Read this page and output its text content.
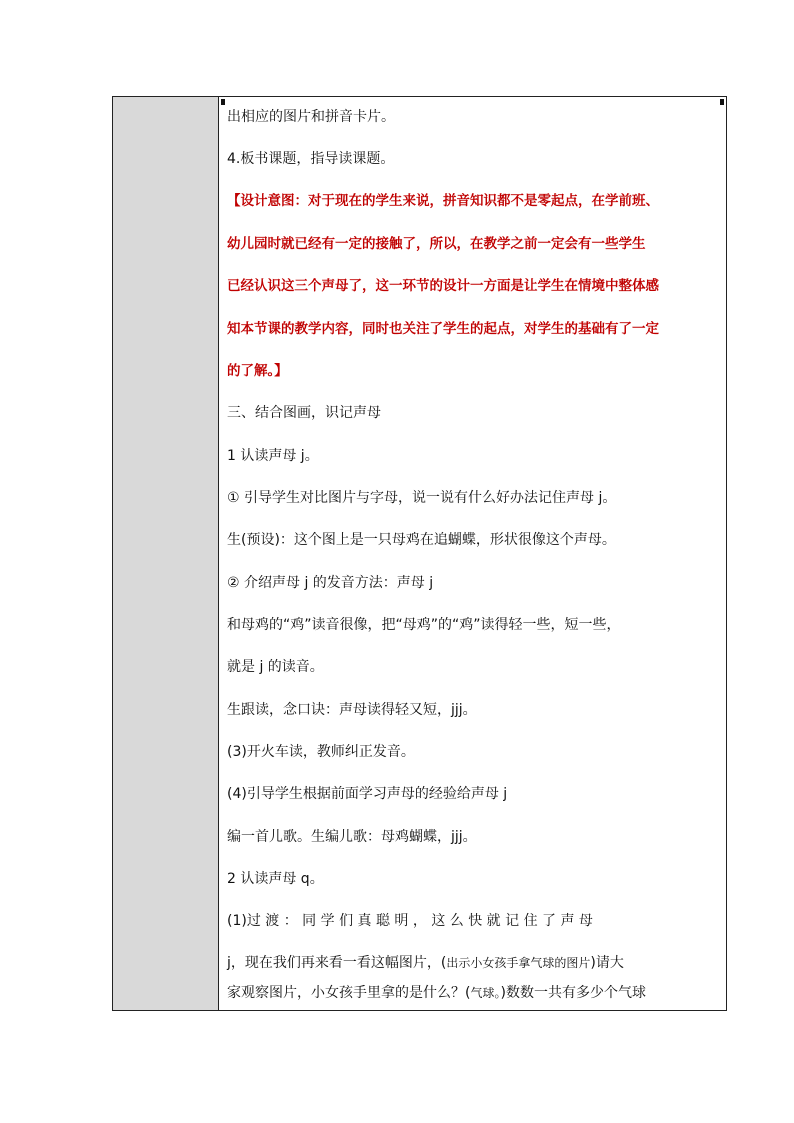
出相应的图片和拼音卡片。
4.板书课题，指导读课题。
【设计意图：对于现在的学生来说，拼音知识都不是零起点，在学前班、
幼儿园时就已经有一定的接触了，所以，在教学之前一定会有一些学生
已经认识这三个声母了，这一环节的设计一方面是让学生在情境中整体感
知本节课的教学内容，同时也关注了学生的起点，对学生的基础有了一定
的了解。】
三、结合图画，识记声母
1 认读声母 j。
① 引导学生对比图片与字母，说一说有什么好办法记住声母 j。
生(预设)：这个图上是一只母鸡在追蝴蝶，形状很像这个声母。
② 介绍声母 j 的发音方法：声母 j
和母鸡的“鸡”读音很像，把“母鸡”的“鸡”读得轻一些，短一些，
就是 j 的读音。
生跟读，念口诀：声母读得轻又短，jjj。
(3)开火车读，教师纠正发音。
(4)引导学生根据前面学习声母的经验给声母 j
编一首儿歌。生编儿歌：母鸡蝴蝶，jjj。
2 认读声母 q。
(1)过 渡 ： 同 学 们 真 聪 明 ， 这 么 快 就 记 住 了 声 母
j，现在我们再来看一看这幅图片，(出示小女孩手拿气球的图片)请大
家观察图片，小女孩手里拿的是什么？(气球。)数数一共有多少个气球
